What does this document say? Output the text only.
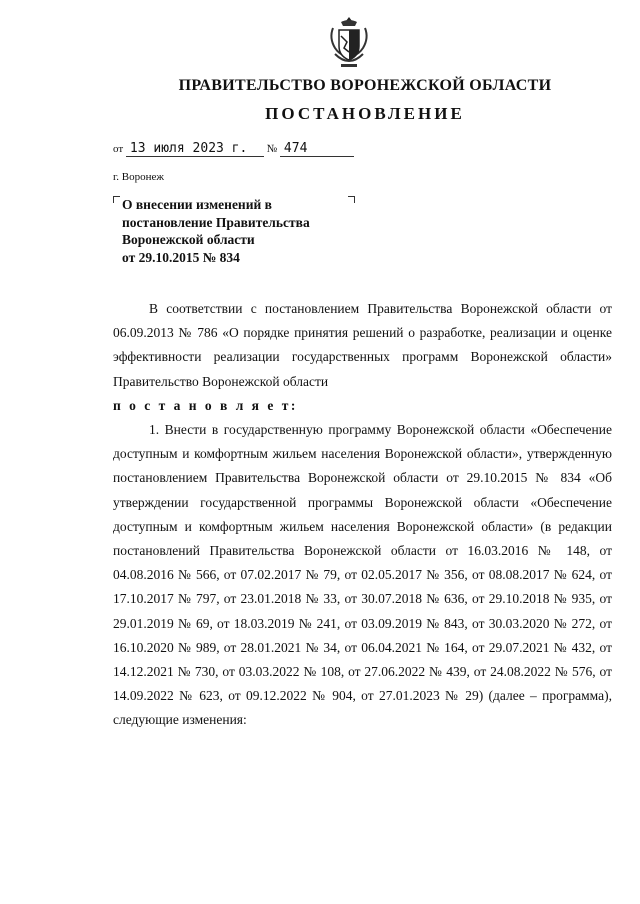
ПРАВИТЕЛЬСТВО ВОРОНЕЖСКОЙ ОБЛАСТИ
ПОСТАНОВЛЕНИЕ
от 13 июля 2023 г. № 474
г. Воронеж
О внесении изменений в
постановление Правительства
Воронежской области
от 29.10.2015 № 834

В соответствии с постановлением Правительства Воронежской области от 06.09.2013 № 786 «О порядке принятия решений о разработке, реализации и оценке эффективности реализации государственных программ Воронежской области» Правительство Воронежской области

п о с т а н о в л я е т:

1. Внести в государственную программу Воронежской области «Обеспечение доступным и комфортным жильем населения Воронежской области», утвержденную постановлением Правительства Воронежской области от 29.10.2015 № 834 «Об утверждении государственной программы Воронежской области «Обеспечение доступным и комфортным жильем населения Воронежской области» (в редакции постановлений Правительства Воронежской области от 16.03.2016 № 148, от 04.08.2016 № 566, от 07.02.2017 № 79, от 02.05.2017 № 356, от 08.08.2017 № 624, от 17.10.2017 № 797, от 23.01.2018 № 33, от 30.07.2018 № 636, от 29.10.2018 № 935, от 29.01.2019 № 69, от 18.03.2019 № 241, от 03.09.2019 № 843, от 30.03.2020 № 272, от 16.10.2020 № 989, от 28.01.2021 № 34, от 06.04.2021 № 164, от 29.07.2021 № 432, от 14.12.2021 № 730, от 03.03.2022 № 108, от 27.06.2022 № 439, от 24.08.2022 № 576, от 14.09.2022 № 623, от 09.12.2022 № 904, от 27.01.2023 № 29) (далее – программа), следующие изменения:
